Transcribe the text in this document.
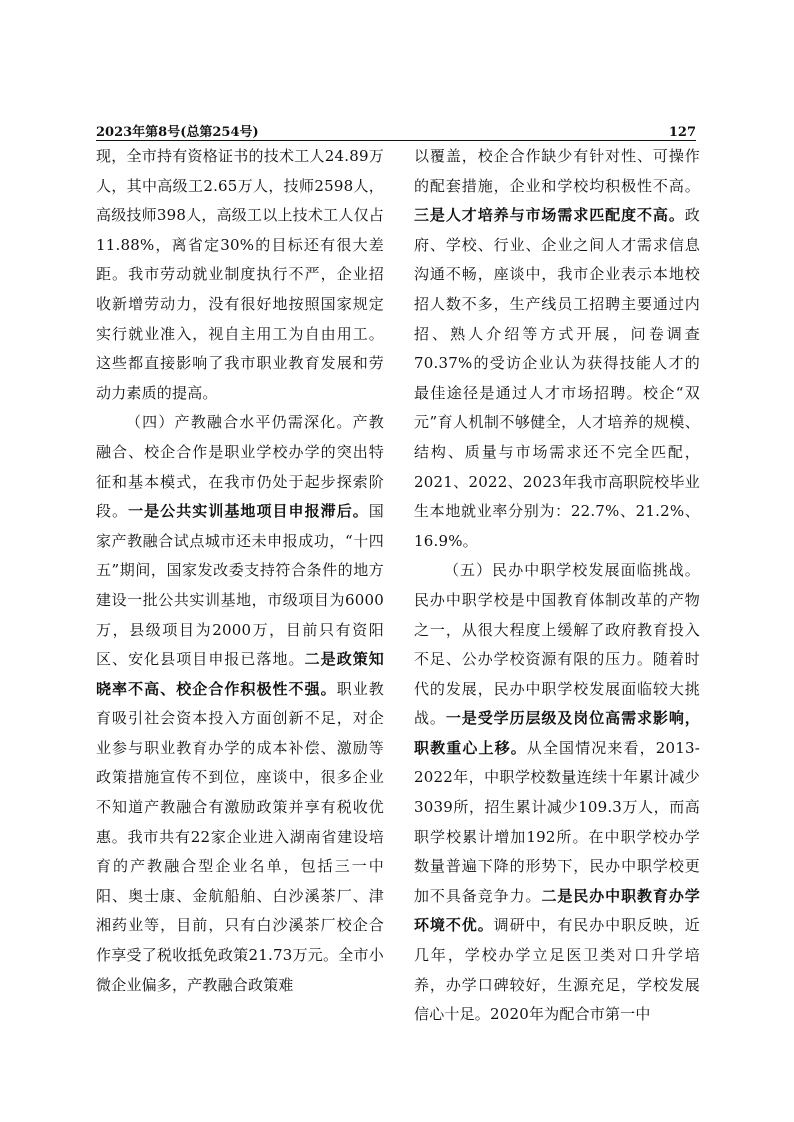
2023年第8号(总第254号)	127

现，全市持有资格证书的技术工人24.89万人，其中高级工2.65万人，技师2598人，高级技师398人，高级工以上技术工人仅占11.88%，离省定30%的目标还有很大差距。我市劳动就业制度执行不严，企业招收新增劳动力，没有很好地按照国家规定实行就业准入，视自主用工为自由用工。这些都直接影响了我市职业教育发展和劳动力素质的提高。

（四）产教融合水平仍需深化。产教融合、校企合作是职业学校办学的突出特征和基本模式，在我市仍处于起步探索阶段。一是公共实训基地项目申报滞后。国家产教融合试点城市还未申报成功，“十四五”期间，国家发改委支持符合条件的地方建设一批公共实训基地，市级项目为6000万，县级项目为2000万，目前只有资阳区、安化县项目申报已落地。二是政策知晓率不高、校企合作积极性不强。职业教育吸引社会资本投入方面创新不足，对企业参与职业教育办学的成本补偿、激励等政策措施宣传不到位，座谈中，很多企业不知道产教融合有激励政策并享有税收优惠。我市共有22家企业进入湖南省建设培育的产教融合型企业名单，包括三一中阳、奥士康、金航船舶、白沙溪茶厂、津湘药业等，目前，只有白沙溪茶厂校企合作享受了税收抵免政策21.73万元。全市小微企业偏多，产教融合政策难

以覆盖，校企合作缺少有针对性、可操作的配套措施，企业和学校均积极性不高。三是人才培养与市场需求匹配度不高。政府、学校、行业、企业之间人才需求信息沟通不畅，座谈中，我市企业表示本地校招人数不多，生产线员工招聘主要通过内招、熟人介绍等方式开展，问卷调查70.37%的受访企业认为获得技能人才的最佳途径是通过人才市场招聘。校企“双元”育人机制不够健全，人才培养的规模、结构、质量与市场需求还不完全匹配，2021、2022、2023年我市高职院校毕业生本地就业率分别为：22.7%、21.2%、16.9%。

（五）民办中职学校发展面临挑战。民办中职学校是中国教育体制改革的产物之一，从很大程度上缓解了政府教育投入不足、公办学校资源有限的压力。随着时代的发展，民办中职学校发展面临较大挑战。一是受学历层级及岗位高需求影响，职教重心上移。从全国情况来看，2013-2022年，中职学校数量连续十年累计减少3039所，招生累计减少109.3万人，而高职学校累计增加192所。在中职学校办学数量普遍下降的形势下，民办中职学校更加不具备竞争力。二是民办中职教育办学环境不优。调研中，有民办中职反映，近几年，学校办学立足医卫类对口升学培养，办学口碑较好，生源充足，学校发展信心十足。2020年为配合市第一中
